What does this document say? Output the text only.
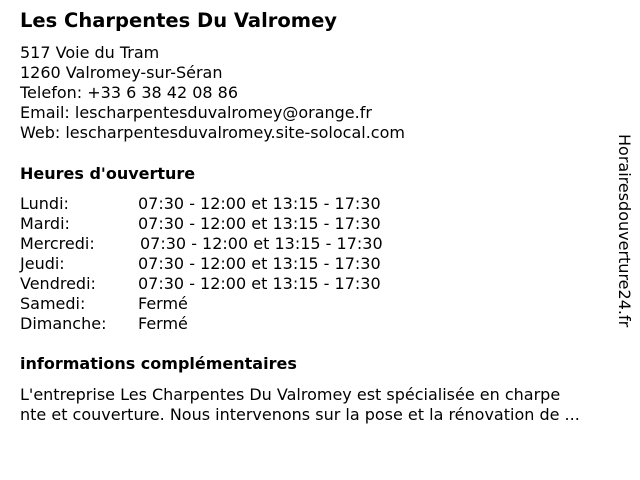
Les Charpentes Du Valromey
517 Voie du Tram
1260 Valromey-sur-Séran
Telefon: +33 6 38 42 08 86
Email: lescharpentesduvalromey@orange.fr
Web: lescharpentesduvalromey.site-solocal.com
Heures d'ouverture
Lundi:	07:30 - 12:00 et 13:15 - 17:30
Mardi:	07:30 - 12:00 et 13:15 - 17:30
Mercredi:	07:30 - 12:00 et 13:15 - 17:30
Jeudi:	07:30 - 12:00 et 13:15 - 17:30
Vendredi:	07:30 - 12:00 et 13:15 - 17:30
Samedi:	Fermé
Dimanche: Fermé
informations complémentaires
L'entreprise Les Charpentes Du Valromey est spécialisée en charpe
nte et couverture. Nous intervenons sur la pose et la rénovation de ...
Horairesdouverture24.fr
